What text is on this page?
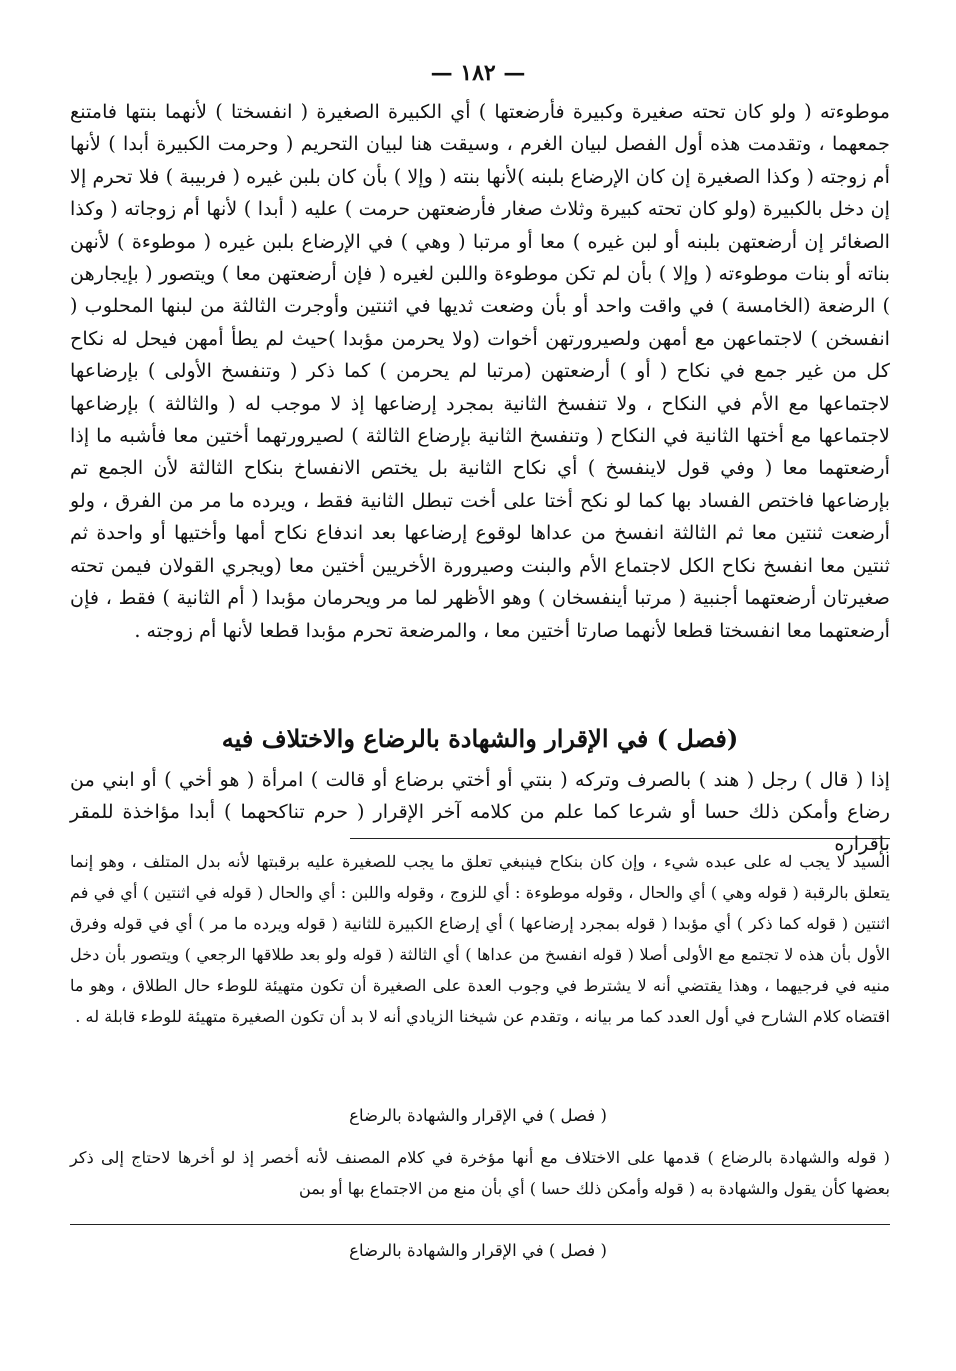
— ١٨٢ —

موطوءته ( ولو كان تحته صغيرة وكبيرة فأرضعتها ) أي الكبيرة الصغيرة ( انفسختا ) لأنهما بنتها فامتنع جمعهما ، وتقدمت هذه أول الفصل لبيان الغرم ، وسيقت هنا لبيان التحريم ( وحرمت الكبيرة أبدا ) لأنها أم زوجته ( وكذا الصغيرة إن كان الإرضاع بلبنه )لأنها بنته ( وإلا ) بأن كان بلبن غيره ( فربيبة ) فلا تحرم إلا إن دخل بالكبيرة (ولو كان تحته كبيرة وثلاث صغار فأرضعتهن حرمت ) عليه ( أبدا ) لأنها أم زوجاته ( وكذا الصغائر إن أرضعتهن بلبنه أو لبن غيره ) معا أو مرتبا ( وهي ) في الإرضاع بلبن غيره ( موطوءة ) لأنهن بناته أو بنات موطوءته ( وإلا ) بأن لم تكن موطوءة واللبن لغيره ( فإن أرضعتهن معا ) ويتصور ( بإيجارهن ) الرضعة (الخامسة ) في واقت واحد أو بأن وضعت ثديها في اثنتين وأوجرت الثالثة من لبنها المحلوب ( انفسخن ) لاجتماعهن مع أمهن ولصيرورتهن أخوات (ولا يحرمن مؤبدا )حيث لم يطأ أمهن فيحل له نكاح كل من غير جمع في نكاح ( أو ) أرضعتهن (مرتبا لم يحرمن ) كما ذكر ( وتنفسخ الأولى ) بإرضاعها لاجتماعها مع الأم في النكاح ، ولا تنفسخ الثانية بمجرد إرضاعها إذ لا موجب له ( والثالثة ) بإرضاعها لاجتماعها مع أختها الثانية في النكاح ( وتنفسخ الثانية بإرضاع الثالثة ) لصيرورتهما أختين معا فأشبه ما إذا أرضعتهما معا ( وفي قول لاينفسخ ) أي نكاح الثانية بل يختص الانفساخ بنكاح الثالثة لأن الجمع تم بإرضاعها فاختص الفساد بها كما لو نكح أختا على أخت تبطل الثانية فقط ، ويرده ما مر من الفرق ، ولو أرضعت ثنتين معا ثم الثالثة انفسخ من عداها لوقوع إرضاعها بعد اندفاع نكاح أمها وأختيها أو واحدة ثم ثنتين معا انفسخ نكاح الكل لاجتماع الأم والبنت وصيرورة الأخريين أختين معا (ويجري القولان فيمن تحته صغيرتان أرضعتهما أجنبية ( مرتبا أينفسخان ) وهو الأظهر لما مر ويحرمان مؤبدا ( أم الثانية ) فقط ، فإن أرضعتهما معا انفسختا قطعا لأنهما صارتا أختين معا ، والمرضعة تحرم مؤبدا قطعا لأنها أم زوجته .

(فصل ) في الإقرار والشهادة بالرضاع والاختلاف فيه

إذا ( قال ) رجل ( هند ) بالصرف وتركه ( بنتي أو أختي برضاع أو قالت ) امرأة ( هو أخي ) أو ابني من رضاع وأمكن ذلك حسا أو شرعا كما علم من كلامه آخر الإقرار ( حرم تناكحهما ) أبدا مؤاخذة للمقر بإقراره

السيد لا يجب له على عبده شيء ، وإن كان بنكاح فينبغي تعلق ما يجب للصغيرة عليه برقبتها لأنه بدل المتلف ، وهو إنما يتعلق بالرقبة ( قوله وهي ) أي والحال ، وقوله موطوءة : أي للزوج ، وقوله واللبن : أي والحال ( قوله في اثنتين ) أي في فم اثنتين ( قوله كما ذكر ) أي مؤبدا ( قوله بمجرد إرضاعها ) أي إرضاع الكبيرة للثانية ( قوله ويرده ما مر ) أي في قوله وفرق الأول بأن هذه لا تجتمع مع الأولى أصلا ( قوله انفسخ من عداها ) أي الثالثة ( قوله ولو بعد طلاقها الرجعي ) ويتصور بأن دخل منيه في فرجيهما ، وهذا يقتضي أنه لا يشترط في وجوب العدة على الصغيرة أن تكون متهيئة للوطء حال الطلاق ، وهو ما اقتضاه كلام الشارح في أول العدد كما مر بيانه ، وتقدم عن شيخنا الزيادي أنه لا بد أن تكون الصغيرة متهيئة للوطء قابلة له .

( فصل ) في الإقرار والشهادة بالرضاع

( قوله والشهادة بالرضاع ) قدمها على الاختلاف مع أنها مؤخرة في كلام المصنف لأنه أخصر إذ لو أخرها لاحتاج إلى ذكر بعضها كأن يقول والشهادة به ( قوله وأمكن ذلك حسا ) أي بأن منع من الاجتماع بها أو بمن

( فصل ) في الإقرار والشهادة بالرضاع
